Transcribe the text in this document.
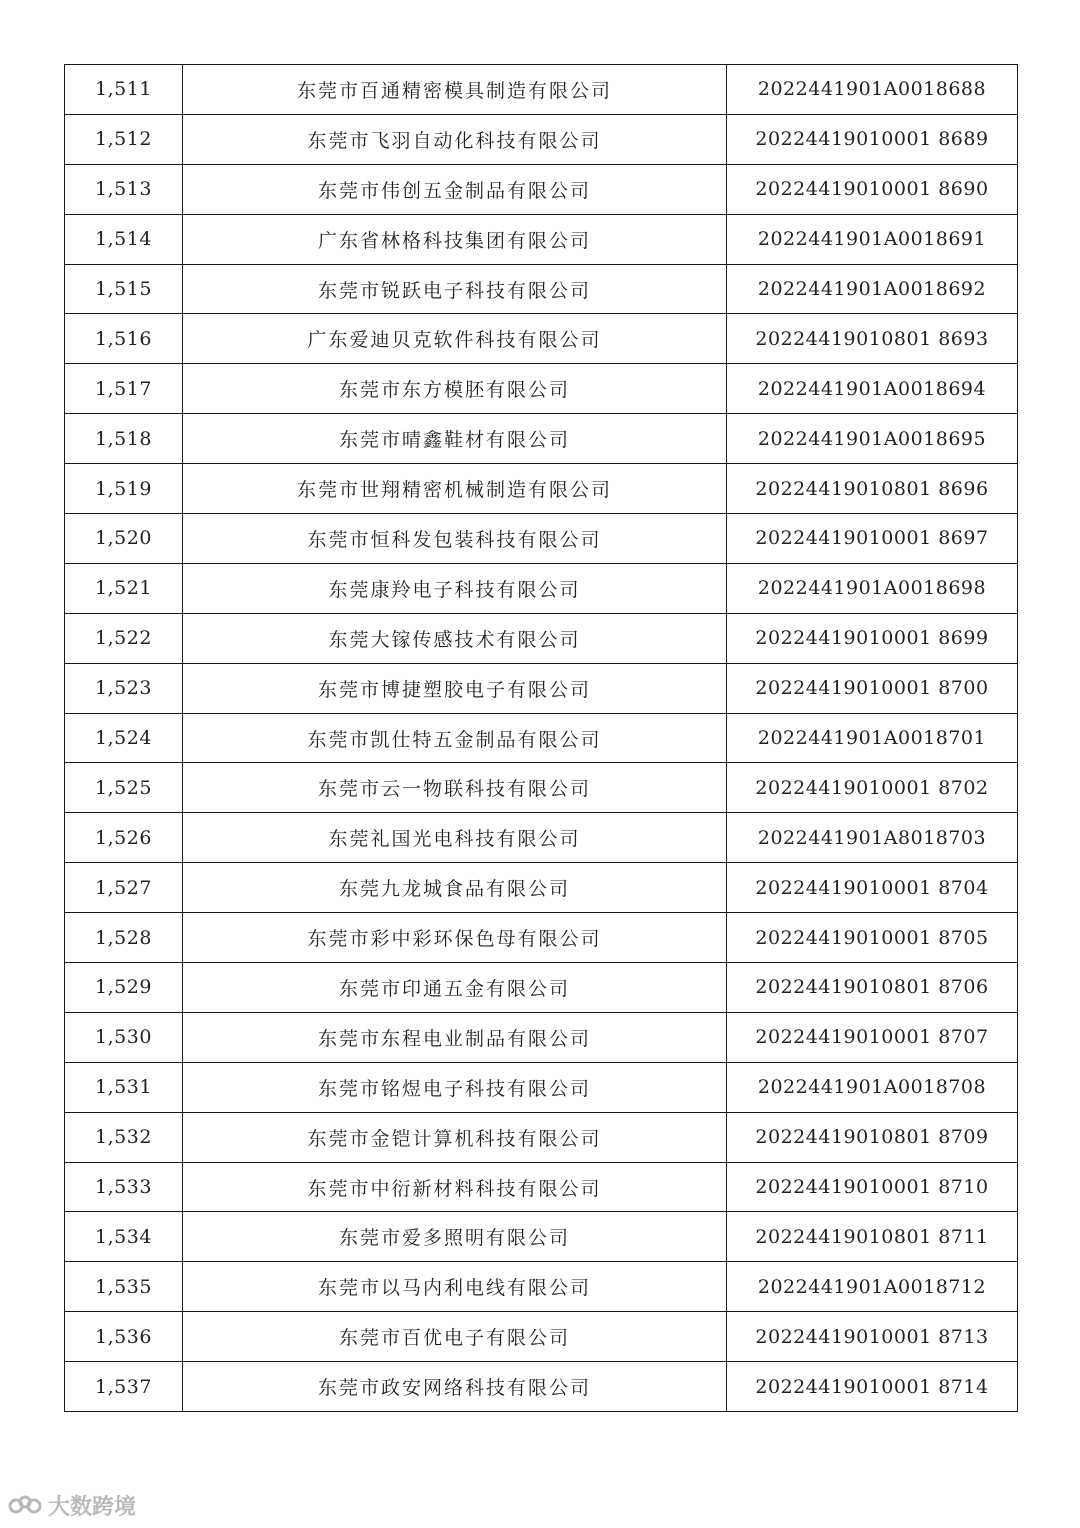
1,511	东莞市百通精密模具制造有限公司	2022441901A0018688
1,512	东莞市飞羽自动化科技有限公司	20224419010001 8689
1,513	东莞市伟创五金制品有限公司	20224419010001 8690
1,514	广东省林格科技集团有限公司	2022441901A0018691
1,515	东莞市锐跃电子科技有限公司	2022441901A0018692
1,516	广东爱迪贝克软件科技有限公司	20224419010801 8693
1,517	东莞市东方模胚有限公司	2022441901A0018694
1,518	东莞市晴鑫鞋材有限公司	2022441901A0018695
1,519	东莞市世翔精密机械制造有限公司	20224419010801 8696
1,520	东莞市恒科发包装科技有限公司	20224419010001 8697
1,521	东莞康羚电子科技有限公司	2022441901A0018698
1,522	东莞大镓传感技术有限公司	20224419010001 8699
1,523	东莞市博捷塑胶电子有限公司	20224419010001 8700
1,524	东莞市凯仕特五金制品有限公司	2022441901A0018701
1,525	东莞市云一物联科技有限公司	20224419010001 8702
1,526	东莞礼国光电科技有限公司	2022441901A8018703
1,527	东莞九龙城食品有限公司	20224419010001 8704
1,528	东莞市彩中彩环保色母有限公司	20224419010001 8705
1,529	东莞市印通五金有限公司	20224419010801 8706
1,530	东莞市东程电业制品有限公司	20224419010001 8707
1,531	东莞市铭煜电子科技有限公司	2022441901A0018708
1,532	东莞市金铠计算机科技有限公司	20224419010801 8709
1,533	东莞市中衍新材料科技有限公司	20224419010001 8710
1,534	东莞市爱多照明有限公司	20224419010801 8711
1,535	东莞市以马内利电线有限公司	2022441901A0018712
1,536	东莞市百优电子有限公司	20224419010001 8713
1,537	东莞市政安网络科技有限公司	20224419010001 8714
大数跨境
